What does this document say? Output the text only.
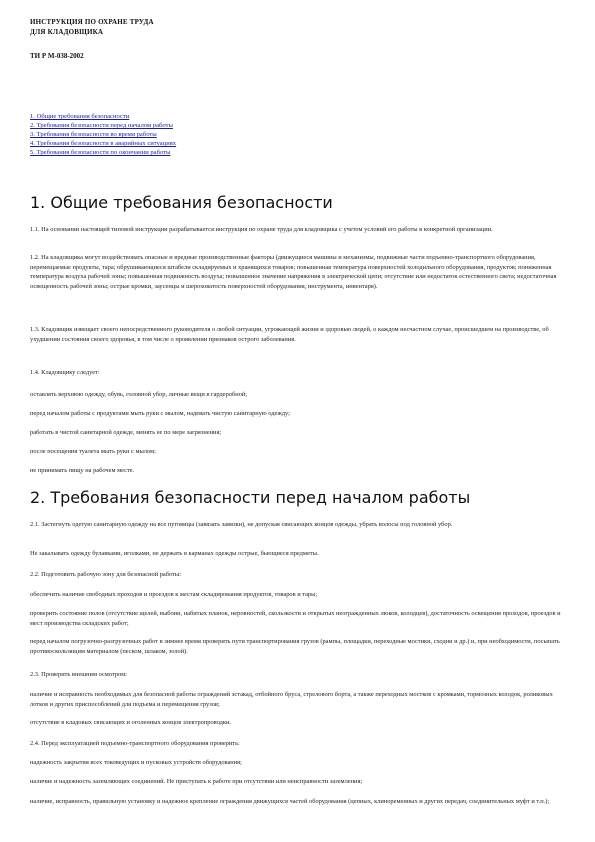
ИНСТРУКЦИЯ ПО ОХРАНЕ ТРУДА
ДЛЯ КЛАДОВЩИКА
ТИ Р М-038-2002
1. Общие требования безопасности
2. Требования безопасности перед началом работы
3. Требования безопасности во время работы
4. Требования безопасности в аварийных ситуациях
5. Требования безопасности по окончании работы
1. Общие требования безопасности

1.1. На основании настоящей типовой инструкции разрабатывается инструкция по охране труда для кладовщика с учетом условий его работы в конкретной организации.

1.2. На кладовщика могут воздействовать опасные и вредные производственные факторы (движущиеся машины и механизмы, подвижные части подъемно-транспортного оборудования, перемещаемые продукты, тара; обрушивающиеся штабели складируемых и хранящихся товаров; повышенная температура поверхностей холодильного оборудования, продуктов; пониженная температура воздуха рабочей зоны; повышенная подвижность воздуха; повышенное значение напряжения в электрической цепи; отсутствие или недостаток естественного света; недостаточная освещенность рабочей зоны; острые кромки, заусенцы и шероховатость поверхностей оборудования, инструмента, инвентаря).

1.3. Кладовщик извещает своего непосредственного руководителя о любой ситуации, угрожающей жизни и здоровью людей, о каждом несчастном случае, происшедшем на производстве, об ухудшении состояния своего здоровья, в том числе о проявлении признаков острого заболевания.

1.4. Кладовщику следует:

оставлять верхнюю одежду, обувь, головной убор, личные вещи в гардеробной;

перед началом работы с продуктами мыть руки с мылом, надевать чистую санитарную одежду;

работать в чистой санитарной одежде, менять ее по мере загрязнения;

после посещения туалета мыть руки с мылом;

не принимать пищу на рабочем месте.

2. Требования безопасности перед началом работы

2.1. Застегнуть одетую санитарную одежду на все пуговицы (завязать завязки), не допуская свисающих концов одежды, убрать волосы под головной убор.

Не закалывать одежду булавками, иголками, не держать в карманах одежды острые, бьющиеся предметы.

2.2. Подготовить рабочую зону для безопасной работы:

обеспечить наличие свободных проходов и проездов к местам складирования продуктов, товаров и тары;

проверить состояние полов (отсутствие щелей, выбоин, набитых планок, неровностей, скользкости и открытых неогражденных люков, колодцев), достаточность освещения проходов, проездов и мест производства складских работ;

перед началом погрузочно-разгрузочных работ в зимнее время проверить пути транспортирования грузов (рампы, площадки, переходные мостики, сходни и др.) и, при необходимости, посыпать противоскользящим материалом (песком, шлаком, золой).

2.3. Проверить внешним осмотром:

наличие и исправность необходимых для безопасной работы ограждений эстакад, отбойного бруса, стрелового борта, а также переходных мостков с кромками, тормозных колодок, роликовых лотков и других приспособлений для подъема и перемещения грузов;

отсутствие в кладовых свисающих и оголенных концов электропроводки.

2.4. Перед эксплуатацией подъемно-транспортного оборудования проверить:

надежность закрытия всех токоведущих и пусковых устройств оборудования;

наличие и надежность заземляющих соединений. Не приступать к работе при отсутствии или неисправности заземления;

наличие, исправность, правильную установку и надежное крепление ограждения движущихся частей оборудования (цепных, клиноременных и других передач, соединительных муфт и т.п.);
